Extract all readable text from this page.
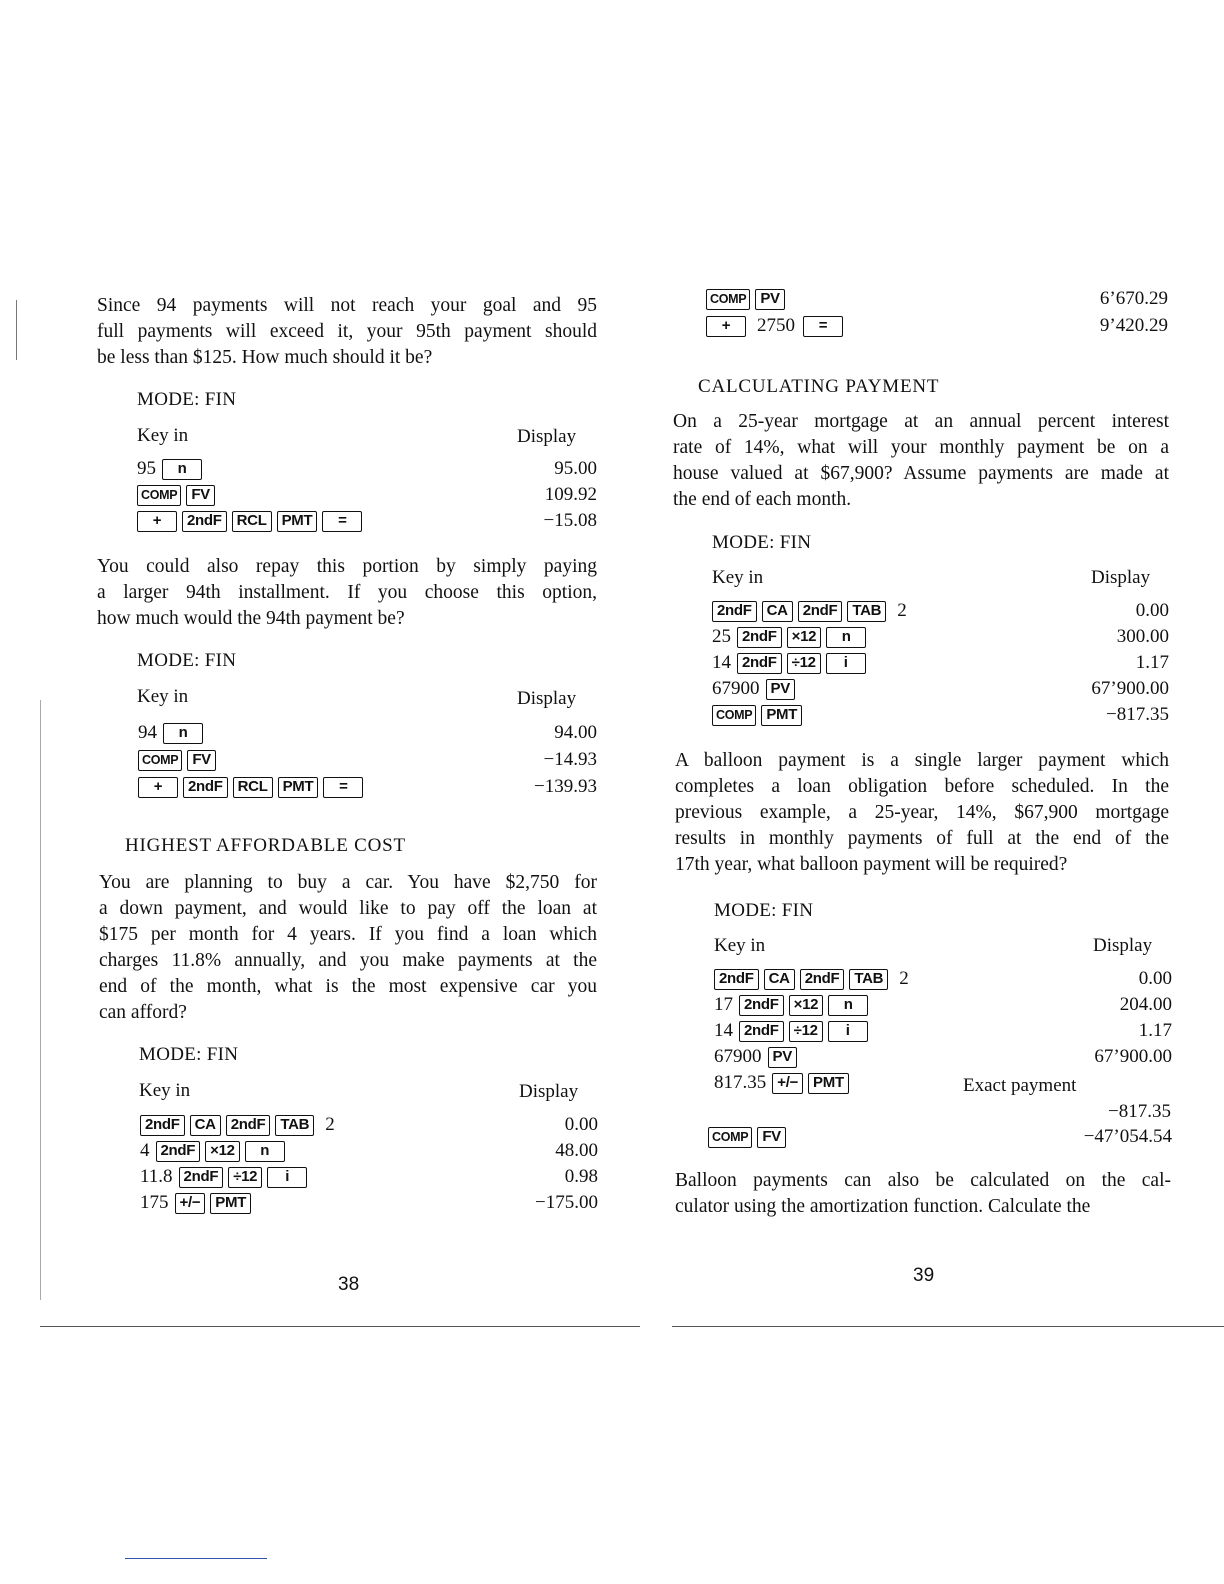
Since 94 payments will not reach your goal and 95
full payments will exceed it, your 95th payment should
be less than $125. How much should it be?
MODE: FIN
Key in	Display
95	n	95.00
COMP FV	109.92
+	2ndF	RCL	PMT	=	−15.08
You could also repay this portion by simply paying
a larger 94th installment. If you choose this option,
how much would the 94th payment be?
MODE: FIN
Key in	Display
94	n	94.00
COMP FV	−14.93
+	2ndF	RCL	PMT	=	−139.93
HIGHEST AFFORDABLE COST
You are planning to buy a car. You have $2,750 for
a down payment, and would like to pay off the loan at
$175 per month for 4 years. If you find a loan which
charges 11.8% annually, and you make payments at the
end of the month, what is the most expensive car you
can afford?
MODE: FIN
Key in	Display
2ndF	CA	2ndF	TAB 2	0.00
4 2ndF	×12	n	48.00
11.8 2ndF	÷12	i	0.98
175 +/−	PMT	−175.00
38
COMP PV	6’670.29
+	2750	=	9’420.29
CALCULATING PAYMENT
On a 25-year mortgage at an annual percent interest
rate of 14%, what will your monthly payment be on a
house valued at $67,900? Assume payments are made at
the end of each month.
MODE: FIN
Key in	Display
2ndF	CA	2ndF	TAB 2	0.00
25 2ndF	×12	n	300.00
14 2ndF	÷12	i	1.17
67900 PV	67’900.00
COMP PMT	−817.35
A balloon payment is a single larger payment which
completes a loan obligation before scheduled. In the
previous example, a 25-year, 14%, $67,900 mortgage
results in monthly payments of full at the end of the
17th year, what balloon payment will be required?
MODE: FIN
Key in	Display
2ndF	CA	2ndF	TAB 2	0.00
17 2ndF	×12	n	204.00
14 2ndF	÷12	i	1.17
67900 PV	67’900.00
817.35 +/−	PMT	Exact payment
−817.35
COMP FV	−47’054.54
Balloon payments can also be calculated on the cal-
culator using the amortization function. Calculate the
39
